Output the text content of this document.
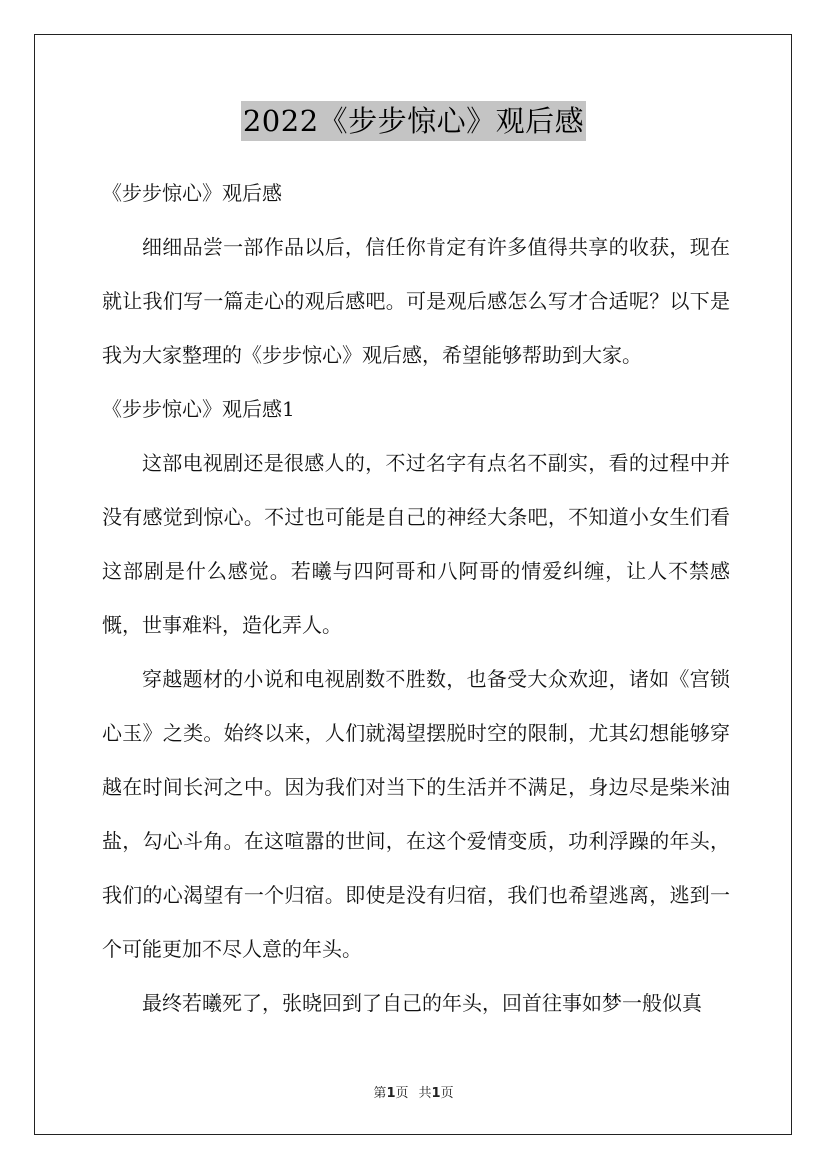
2022《步步惊心》观后感

《步步惊心》观后感

细细品尝一部作品以后，信任你肯定有许多值得共享的收获，现在就让我们写一篇走心的观后感吧。可是观后感怎么写才合适呢？以下是我为大家整理的《步步惊心》观后感，希望能够帮助到大家。

《步步惊心》观后感1

这部电视剧还是很感人的，不过名字有点名不副实，看的过程中并没有感觉到惊心。不过也可能是自己的神经大条吧，不知道小女生们看这部剧是什么感觉。若曦与四阿哥和八阿哥的情爱纠缠，让人不禁感慨，世事难料，造化弄人。

穿越题材的小说和电视剧数不胜数，也备受大众欢迎，诸如《宫锁心玉》之类。始终以来，人们就渴望摆脱时空的限制，尤其幻想能够穿越在时间长河之中。因为我们对当下的生活并不满足，身边尽是柴米油盐，勾心斗角。在这喧嚣的世间，在这个爱情变质，功利浮躁的年头，我们的心渴望有一个归宿。即使是没有归宿，我们也希望逃离，逃到一个可能更加不尽人意的年头。

最终若曦死了，张晓回到了自己的年头，回首往事如梦一般似真

第1页 共1页
